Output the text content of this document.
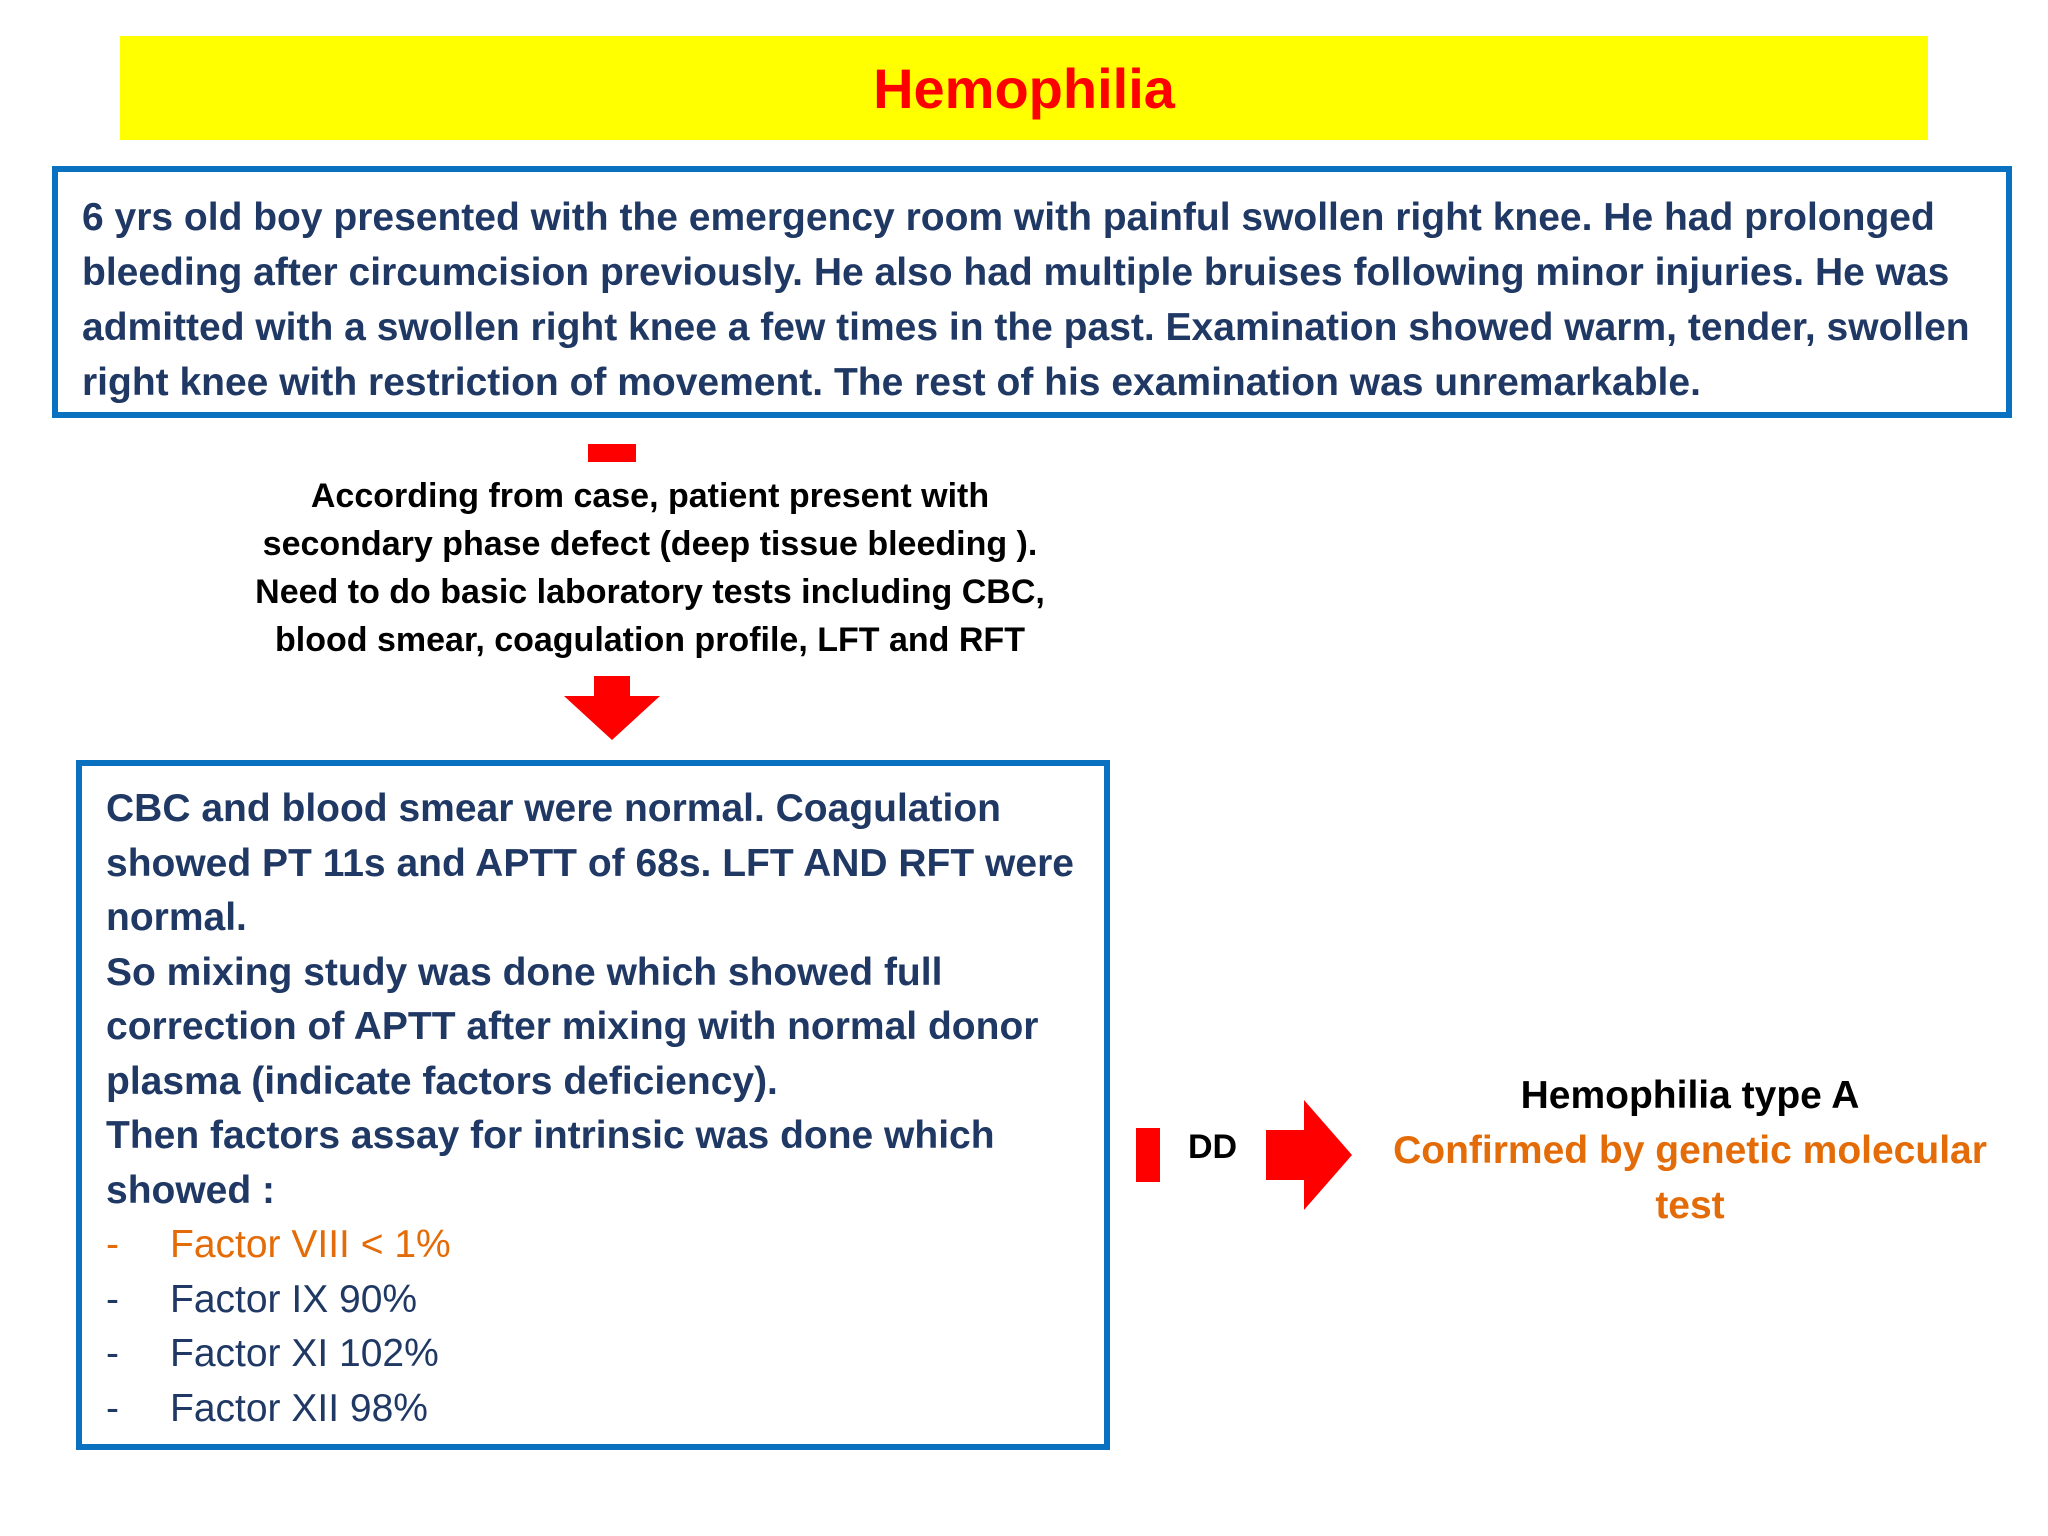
Hemophilia
6 yrs old boy presented with the emergency room with painful swollen right knee. He had prolonged bleeding after circumcision previously. He also had multiple bruises following minor injuries. He was admitted with a swollen right knee a few times in the past. Examination showed warm, tender, swollen right knee with restriction of movement. The rest of his examination was unremarkable.
According from case, patient present with
secondary phase defect (deep tissue bleeding ).
Need to do basic laboratory tests including CBC,
blood smear, coagulation profile, LFT and RFT
CBC and blood smear were normal. Coagulation showed PT 11s and APTT of 68s. LFT AND RFT were normal.
So mixing study was done which showed full correction of APTT after mixing with normal donor plasma (indicate factors deficiency).
Then factors assay for intrinsic was done which showed :
-	Factor VIII < 1%
-	Factor IX 90%
-	Factor XI 102%
-	Factor XII 98%
DD
Hemophilia type A
Confirmed by genetic molecular test
